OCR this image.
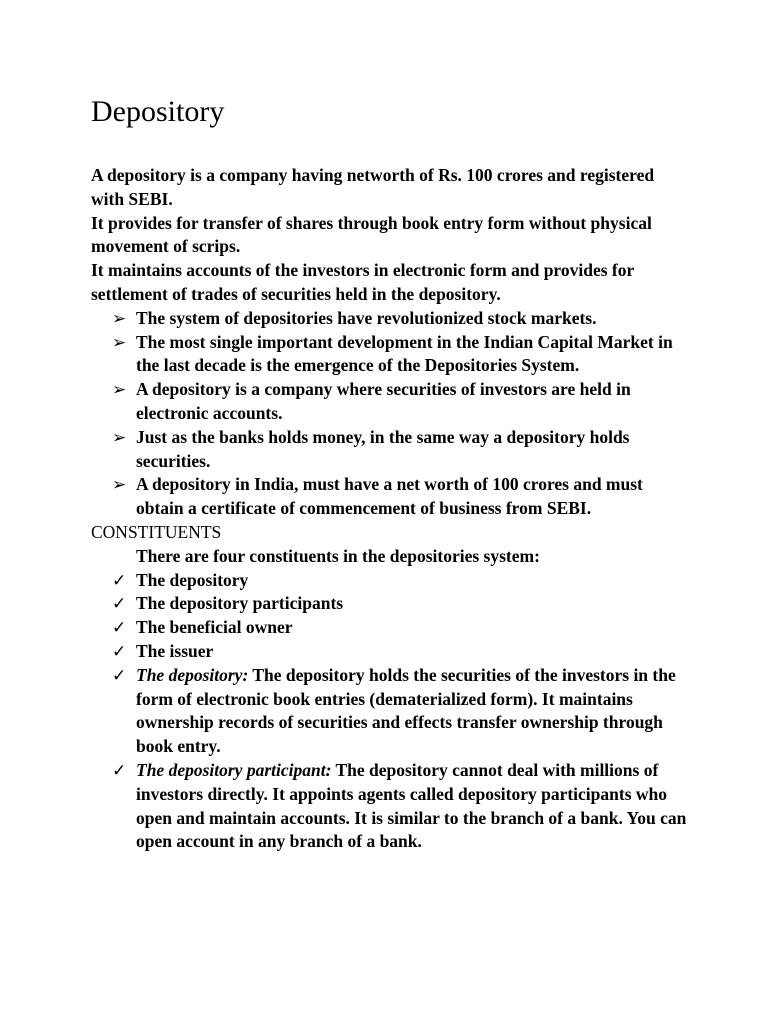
Depository

A depository is a company having networth of Rs. 100 crores and registered with SEBI.

It provides for transfer of shares through book entry form without physical movement of scrips.

It maintains accounts of the investors in electronic form and provides for settlement of trades of securities held in the depository.

➢ The system of depositories have revolutionized stock markets.
➢ The most single important development in the Indian Capital Market in the last decade is the emergence of the Depositories System.
➢ A depository is a company where securities of investors are held in electronic accounts.
➢ Just as the banks holds money, in the same way a depository holds securities.
➢ A depository in India, must have a net worth of 100 crores and must obtain a certificate of commencement of business from SEBI.

CONSTITUENTS

There are four constituents in the depositories system:

✓ The depository
✓ The depository participants
✓ The beneficial owner
✓ The issuer
✓ The depository: The depository holds the securities of the investors in the form of electronic book entries (dematerialized form). It maintains ownership records of securities and effects transfer ownership through book entry.
✓ The depository participant: The depository cannot deal with millions of investors directly. It appoints agents called depository participants who open and maintain accounts. It is similar to the branch of a bank. You can open account in any branch of a bank.
